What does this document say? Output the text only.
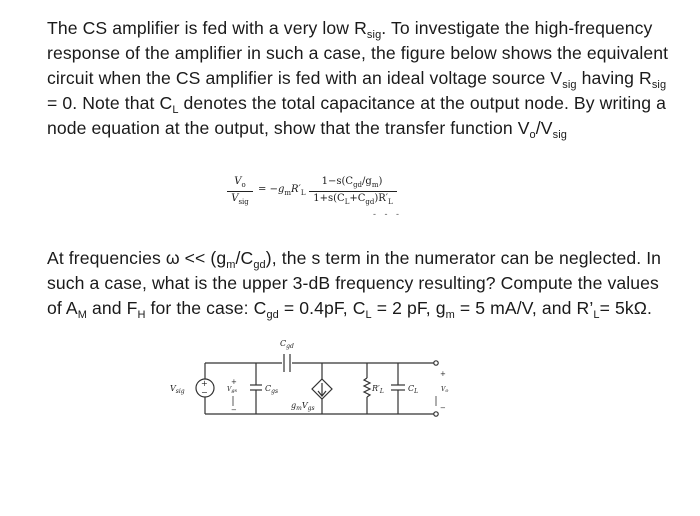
The CS amplifier is fed with a very low $R_{sig}$. To investigate the high-frequency response of the amplifier in such a case, the figure below shows the equivalent circuit when the CS amplifier is fed with an ideal voltage source $V_{sig}$ having $R_{sig} = 0$. Note that $C_L$ denotes the total capacitance at the output node. By writing a node equation at the output, show that the transfer function $V_o/V_{sig}$
$V_o$
$V_{sig}$
= $-g_mR'_L$
$1-s(C_{gd}/g_m)$
$1+s(C_L+C_{gd})R'_L$
- - -
At frequencies $\omega << (g_m/C_{gd})$, the s term in the numerator can be neglected. In such a case, what is the upper 3-dB frequency resulting? Compute the values of $A_M$ and $F_H$ for the case: $C_{gd} = 0.4pF$, $C_L = 2$ pF, $g_m = 5$ mA/V, and $R’_L= 5k\Omega$.
+
−
$V_{sig}$
$C_{gd}$
+
Vgs
−
$C_{gs}$
$g_mV_{gs}$
$R'_L$	$C_L$
+
Vo
−
